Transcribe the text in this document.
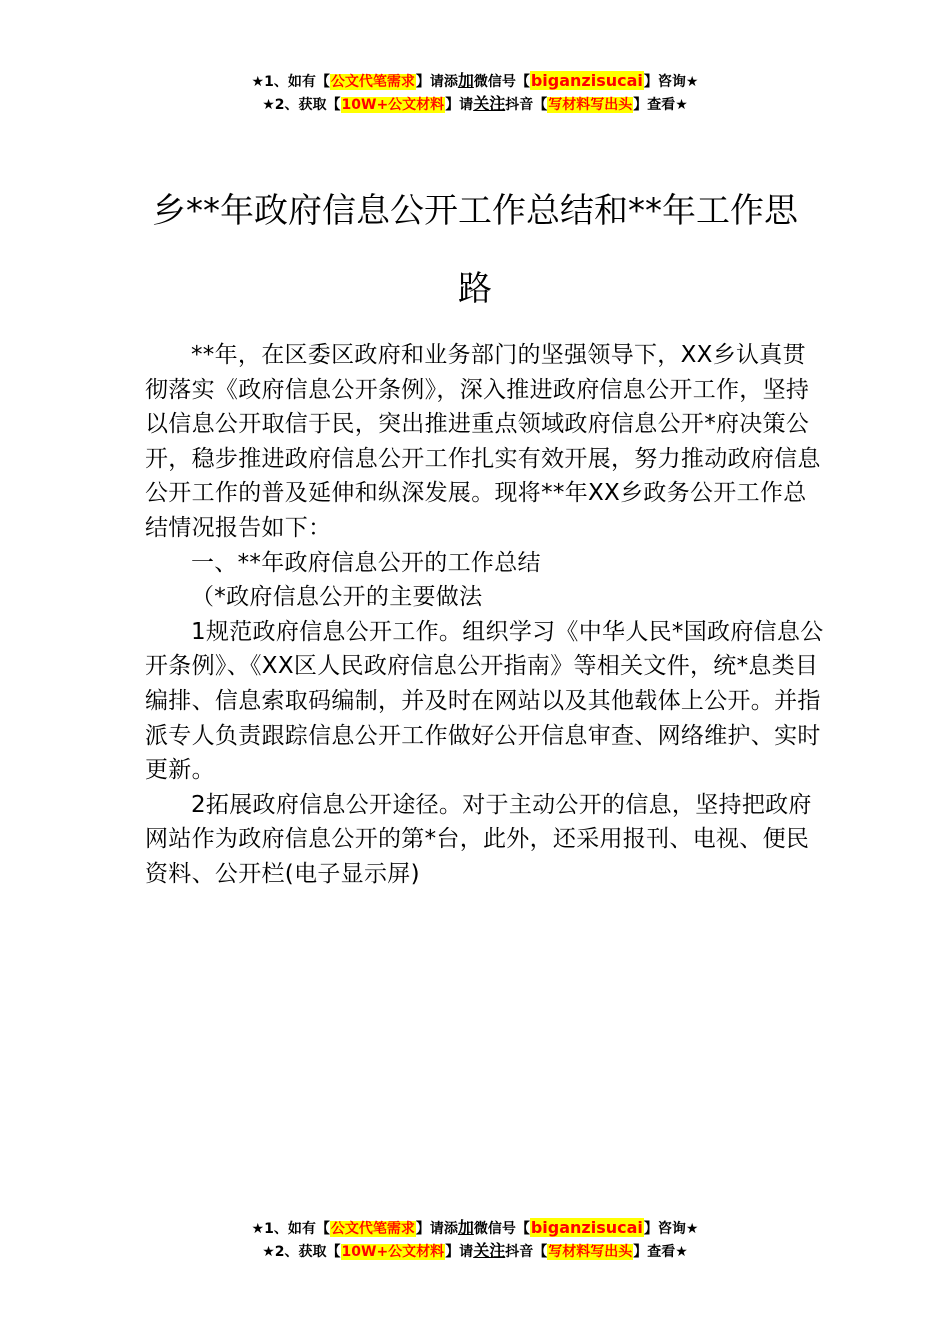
★1、如有【公文代笔需求】请添加微信号【biganzisucai】咨询★
★2、获取【10W+公文材料】请关注抖音【写材料写出头】查看★
乡**年政府信息公开工作总结和**年工作思路

**年，在区委区政府和业务部门的坚强领导下，XX乡认真贯彻落实《政府信息公开条例》，深入推进政府信息公开工作，坚持以信息公开取信于民，突出推进重点领域政府信息公开*府决策公开，稳步推进政府信息公开工作扎实有效开展，努力推动政府信息公开工作的普及延伸和纵深发展。现将**年XX乡政务公开工作总结情况报告如下：

一、**年政府信息公开的工作总结

（*政府信息公开的主要做法

1规范政府信息公开工作。组织学习《中华人民*国政府信息公开条例》、《XX区人民政府信息公开指南》等相关文件，统*息类目编排、信息索取码编制，并及时在网站以及其他载体上公开。并指派专人负责跟踪信息公开工作做好公开信息审查、网络维护、实时更新。

2拓展政府信息公开途径。对于主动公开的信息，坚持把政府网站作为政府信息公开的第*台，此外，还采用报刊、电视、便民资料、公开栏(电子显示屏)

★1、如有【公文代笔需求】请添加微信号【biganzisucai】咨询★
★2、获取【10W+公文材料】请关注抖音【写材料写出头】查看★
